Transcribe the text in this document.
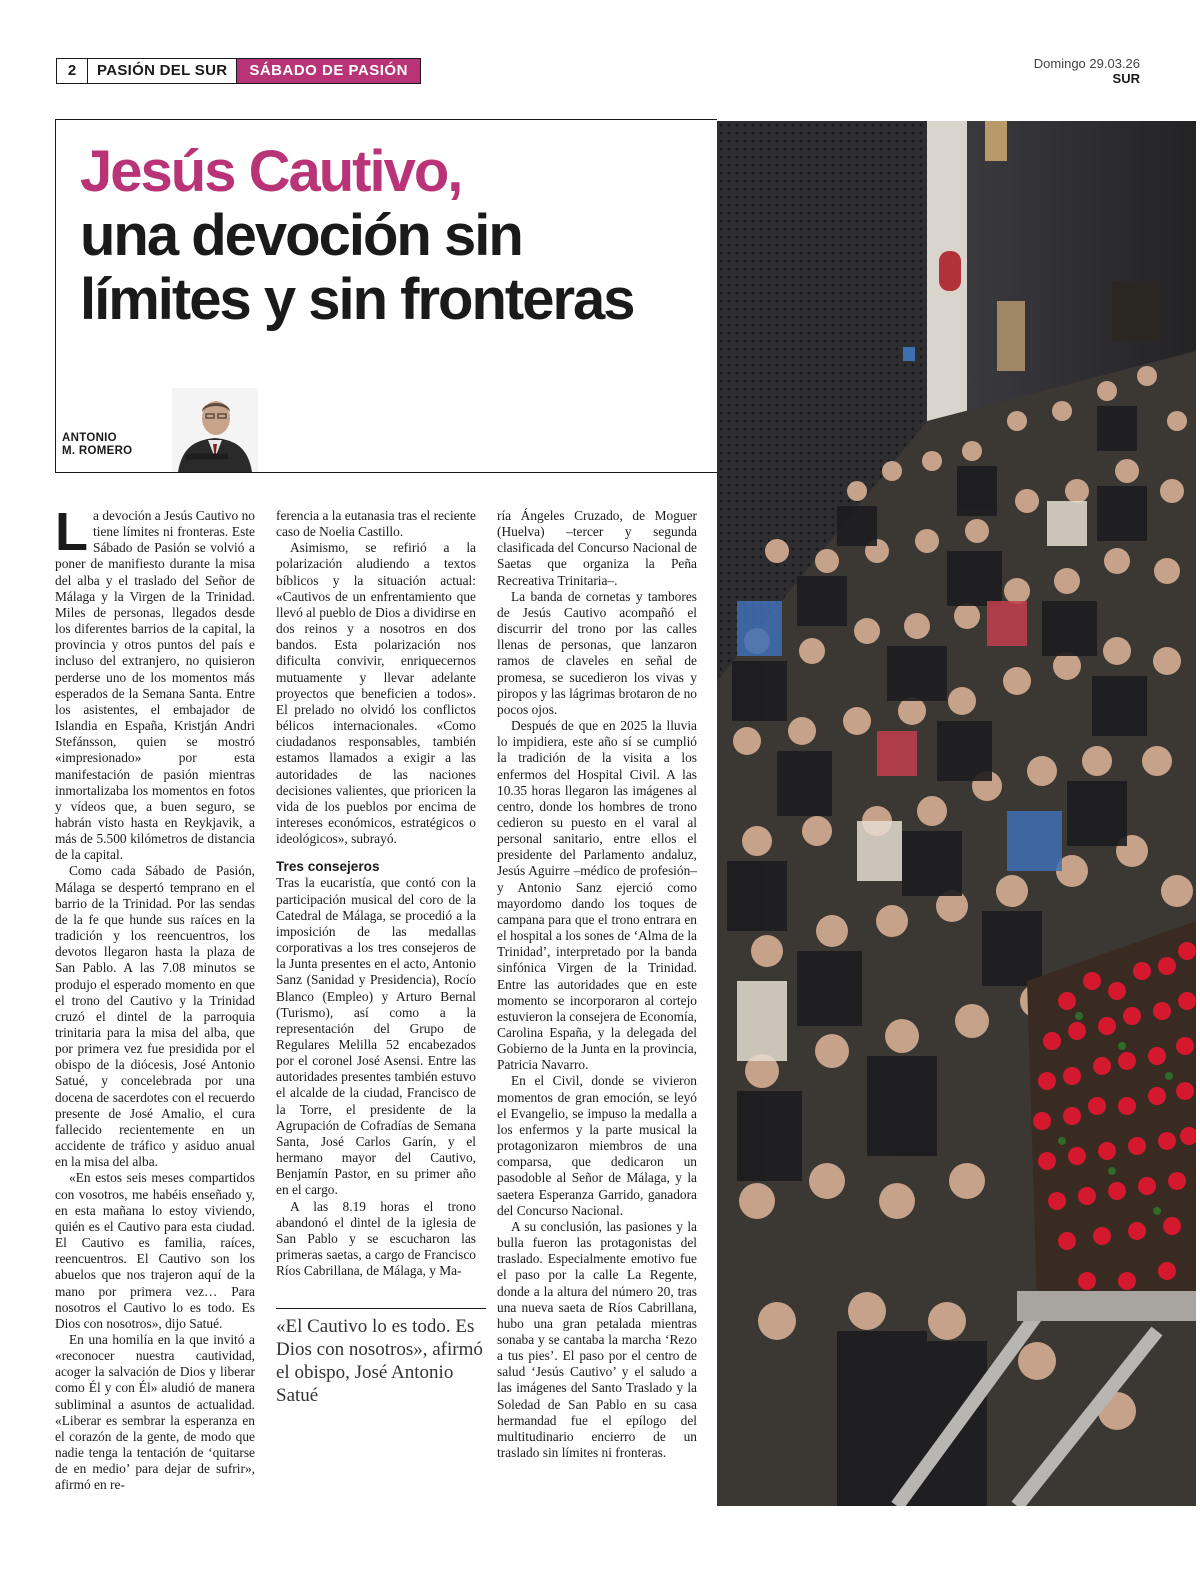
2	PASIÓN DEL SUR	SÁBADO DE PASIÓN	Domingo 29.03.26
SUR
Jesús Cautivo,
una devoción sin límites y sin fronteras
ANTONIO
M. ROMERO

La devoción a Jesús Cautivo no tiene límites ni fronteras. Este Sábado de Pasión se volvió a poner de manifiesto durante la misa del alba y el traslado del Señor de Málaga y la Virgen de la Trinidad. Miles de personas, llegados desde los diferentes barrios de la capital, la provincia y otros puntos del país e incluso del extranjero, no quisieron perderse uno de los momentos más esperados de la Semana Santa. Entre los asistentes, el embajador de Islandia en España, Kristján Andri Stefánsson, quien se mostró «impresionado» por esta manifestación de pasión mientras inmortalizaba los momentos en fotos y vídeos que, a buen seguro, se habrán visto hasta en Reykjavik, a más de 5.500 kilómetros de distancia de la capital.

Como cada Sábado de Pasión, Málaga se despertó temprano en el barrio de la Trinidad. Por las sendas de la fe que hunde sus raíces en la tradición y los reencuentros, los devotos llegaron hasta la plaza de San Pablo. A las 7.08 minutos se produjo el esperado momento en que el trono del Cautivo y la Trinidad cruzó el dintel de la parroquia trinitaria para la misa del alba, que por primera vez fue presidida por el obispo de la diócesis, José Antonio Satué, y concelebrada por una docena de sacerdotes con el recuerdo presente de José Amalio, el cura fallecido recientemente en un accidente de tráfico y asiduo anual en la misa del alba.

«En estos seis meses compartidos con vosotros, me habéis enseñado y, en esta mañana lo estoy viviendo, quién es el Cautivo para esta ciudad. El Cautivo es familia, raíces, reencuentros. El Cautivo son los abuelos que nos trajeron aquí de la mano por primera vez… Para nosotros el Cautivo lo es todo. Es Dios con nosotros», dijo Satué.

En una homilía en la que invitó a «reconocer nuestra cautividad, acoger la salvación de Dios y liberar como Él y con Él» aludió de manera subliminal a asuntos de actualidad. «Liberar es sembrar la esperanza en el corazón de la gente, de modo que nadie tenga la tentación de ‘quitarse de en medio’ para dejar de sufrir», afirmó en re-

ferencia a la eutanasia tras el reciente caso de Noelia Castillo.

Asimismo, se refirió a la polarización aludiendo a textos bíblicos y la situación actual: «Cautivos de un enfrentamiento que llevó al pueblo de Dios a dividirse en dos reinos y a nosotros en dos bandos. Esta polarización nos dificulta convivir, enriquecernos mutuamente y llevar adelante proyectos que beneficien a todos». El prelado no olvidó los conflictos bélicos internacionales. «Como ciudadanos responsables, también estamos llamados a exigir a las autoridades de las naciones decisiones valientes, que prioricen la vida de los pueblos por encima de intereses económicos, estratégicos o ideológicos», subrayó.

Tres consejeros

Tras la eucaristía, que contó con la participación musical del coro de la Catedral de Málaga, se procedió a la imposición de las medallas corporativas a los tres consejeros de la Junta presentes en el acto, Antonio Sanz (Sanidad y Presidencia), Rocío Blanco (Empleo) y Arturo Bernal (Turismo), así como a la representación del Grupo de Regulares Melilla 52 encabezados por el coronel José Asensi. Entre las autoridades presentes también estuvo el alcalde de la ciudad, Francisco de la Torre, el presidente de la Agrupación de Cofradías de Semana Santa, José Carlos Garín, y el hermano mayor del Cautivo, Benjamín Pastor, en su primer año en el cargo.

A las 8.19 horas el trono abandonó el dintel de la iglesia de San Pablo y se escucharon las primeras saetas, a cargo de Francisco Ríos Cabrillana, de Málaga, y Ma-

«El Cautivo lo es todo. Es Dios con nosotros», afirmó el obispo, José Antonio Satué

ría Ángeles Cruzado, de Moguer (Huelva) –tercer y segunda clasificada del Concurso Nacional de Saetas que organiza la Peña Recreativa Trinitaria–.

La banda de cornetas y tambores de Jesús Cautivo acompañó el discurrir del trono por las calles llenas de personas, que lanzaron ramos de claveles en señal de promesa, se sucedieron los vivas y piropos y las lágrimas brotaron de no pocos ojos.

Después de que en 2025 la lluvia lo impidiera, este año sí se cumplió la tradición de la visita a los enfermos del Hospital Civil. A las 10.35 horas llegaron las imágenes al centro, donde los hombres de trono cedieron su puesto en el varal al personal sanitario, entre ellos el presidente del Parlamento andaluz, Jesús Aguirre –médico de profesión– y Antonio Sanz ejerció como mayordomo dando los toques de campana para que el trono entrara en el hospital a los sones de ‘Alma de la Trinidad’, interpretado por la banda sinfónica Virgen de la Trinidad. Entre las autoridades que en este momento se incorporaron al cortejo estuvieron la consejera de Economía, Carolina España, y la delegada del Gobierno de la Junta en la provincia, Patricia Navarro.

En el Civil, donde se vivieron momentos de gran emoción, se leyó el Evangelio, se impuso la medalla a los enfermos y la parte musical la protagonizaron miembros de una comparsa, que dedicaron un pasodoble al Señor de Málaga, y la saetera Esperanza Garrido, ganadora del Concurso Nacional.

A su conclusión, las pasiones y la bulla fueron las protagonistas del traslado. Especialmente emotivo fue el paso por la calle La Regente, donde a la altura del número 20, tras una nueva saeta de Ríos Cabrillana, hubo una gran petalada mientras sonaba y se cantaba la marcha ‘Rezo a tus pies’. El paso por el centro de salud ‘Jesús Cautivo’ y el saludo a las imágenes del Santo Traslado y la Soledad de San Pablo en su casa hermandad fue el epílogo del multitudinario encierro de un traslado sin límites ni fronteras.
